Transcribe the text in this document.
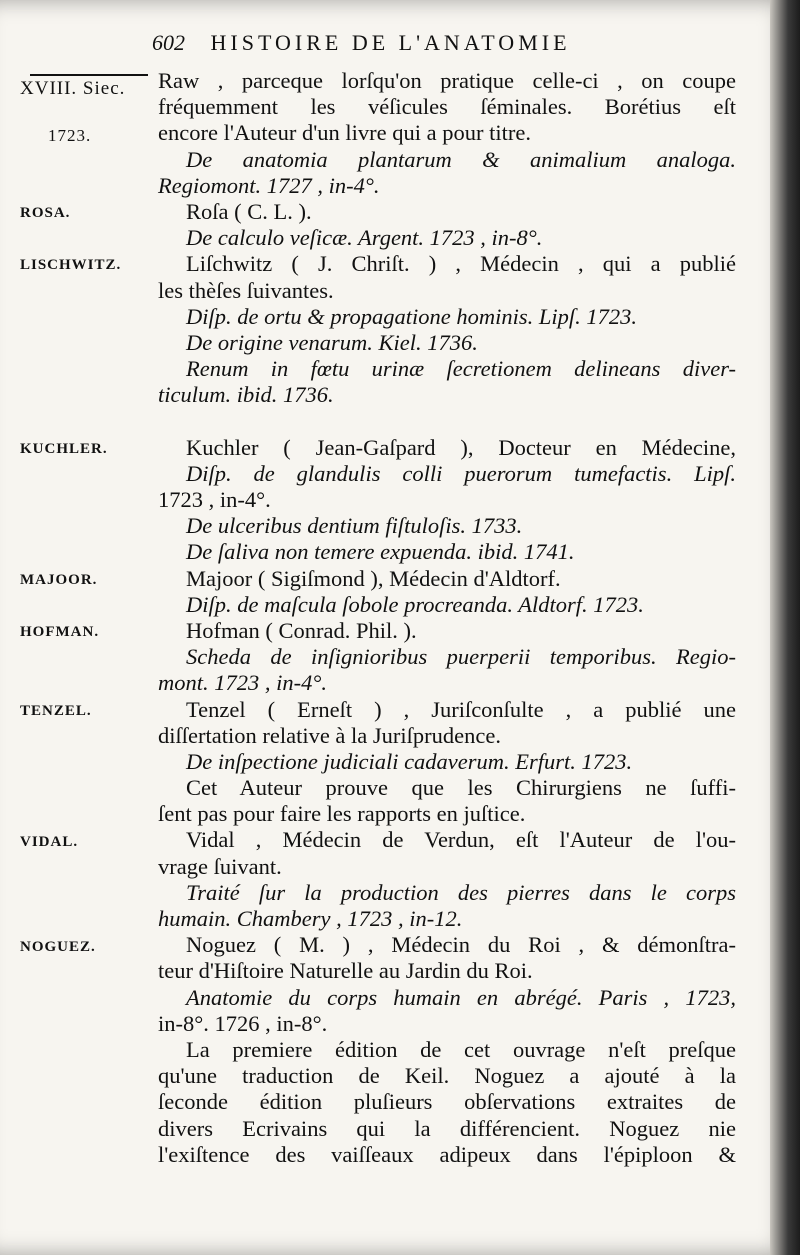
602 HISTOIRE DE L'ANATOMIE
XVIII. Siec.
1723.
ROSA.
LISCHWITZ.
KUCHLER.
MAJOOR.
HOFMAN.
TENZEL.
VIDAL.
NOGUEZ.
Raw , parceque lorſqu'on pratique celle-ci , on coupe
fréquemment les véſicules ſéminales. Borétius eſt
encore l'Auteur d'un livre qui a pour titre.
De anatomia plantarum & animalium analoga.
Regiomont. 1727 , in-4°.
Roſa ( C. L. ).
De calculo veſicæ. Argent. 1723 , in-8°.
Liſchwitz ( J. Chriſt. ) , Médecin , qui a publié
les thèſes ſuivantes.
Diſp. de ortu & propagatione hominis. Lipſ. 1723.
De origine venarum. Kiel. 1736.
Renum in fœtu urinæ ſecretionem delineans diver-
ticulum. ibid. 1736.
Kuchler ( Jean-Gaſpard ), Docteur en Médecine,
Diſp. de glandulis colli puerorum tumefactis. Lipſ.
1723 , in-4°.
De ulceribus dentium fiſtuloſis. 1733.
De ſaliva non temere expuenda. ibid. 1741.
Majoor ( Sigiſmond ), Médecin d'Aldtorf.
Diſp. de maſcula ſobole procreanda. Aldtorf. 1723.
Hofman ( Conrad. Phil. ).
Scheda de inſignioribus puerperii temporibus. Regio-
mont. 1723 , in-4°.
Tenzel ( Erneſt ) , Juriſconſulte , a publié une
diſſertation relative à la Juriſprudence.
De inſpectione judiciali cadaverum. Erfurt. 1723.
Cet Auteur prouve que les Chirurgiens ne ſuffi-
ſent pas pour faire les rapports en juſtice.
Vidal , Médecin de Verdun, eſt l'Auteur de l'ou-
vrage ſuivant.
Traité ſur la production des pierres dans le corps
humain. Chambery , 1723 , in-12.
Noguez ( M. ) , Médecin du Roi , & démonſtra-
teur d'Hiſtoire Naturelle au Jardin du Roi.
Anatomie du corps humain en abrégé. Paris , 1723,
in-8°. 1726 , in-8°.
La premiere édition de cet ouvrage n'eſt preſque
qu'une traduction de Keil. Noguez a ajouté à la
ſeconde édition pluſieurs obſervations extraites de
divers Ecrivains qui la différencient. Noguez nie
l'exiſtence des vaiſſeaux adipeux dans l'épiploon &
